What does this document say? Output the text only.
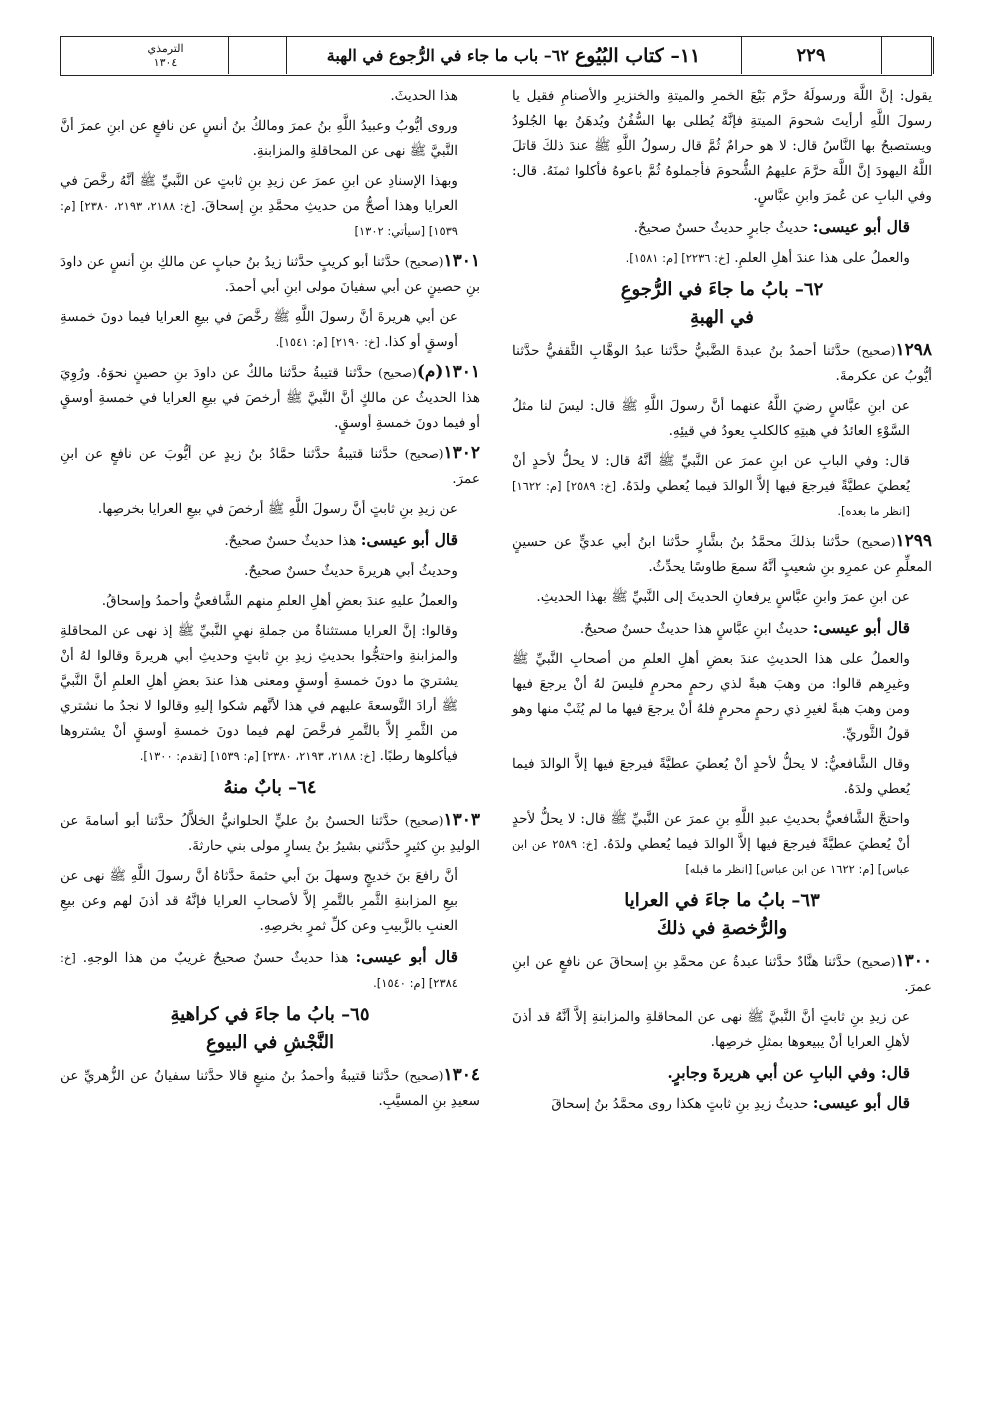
الترمذي
١٣٠٤	١١– كتاب البُيُوع
٦٢– باب ما جاء في الرُّجوع في الهبة	٢٢٩

يقول: إنَّ اللَّهَ ورسولَهُ حرَّم بَيْعَ الخمرِ والميتةِ والخنزيرِ والأصنامِ فقيل يا رسولَ اللَّهِ أرأيتَ شحومَ الميتةِ فإنَّهُ يُطلى بها السُّفُنُ ويُدهَنُ بها الجُلودُ ويستصبحُ بها النَّاسُ قال: لا هو حرامٌ ثُمَّ قال رسولُ اللَّهِ ﷺ عندَ ذلكَ قاتلَ اللَّهُ اليهودَ إنَّ اللَّهَ حرَّمَ عليهمُ الشُّحومَ فأجملوهُ ثُمَّ باعوهُ فأكلوا ثمنَهُ. قال: وفي البابِ عن عُمرَ وابنِ عبَّاسٍ.

قال أبو عيسى: حديثُ جابرٍ حديثٌ حسنٌ صحيحٌ.

والعملُ على هذا عندَ أهلِ العلمِ. [خ: ٢٢٣٦] [م: ١٥٨١].

٦٢– بابُ ما جاءَ في الرُّجوعِ
في الهبةِ

١٢٩٨(صحيح) حدَّثنا أحمدُ بنُ عبدةَ الضَّبيُّ حدَّثنا عبدُ الوهَّابِ الثَّقفيُّ حدَّثنا أيُّوبُ عن عكرمةَ.

عن ابنِ عبَّاسٍ رضيَ اللَّهُ عنهما أنَّ رسولَ اللَّهِ ﷺ قال: ليسَ لنا مثلُ السَّوْءِ العائدُ في هبتِهِ كالكلبِ يعودُ في قيئِهِ.

قال: وفي البابِ عن ابنِ عمرَ عن النَّبيِّ ﷺ أنَّهُ قال: لا يحلُّ لأحدٍ أنْ يُعطيَ عطيَّةً فيرجعَ فيها إلاَّ الوالدَ فيما يُعطي ولدَهُ. [خ: ٢٥٨٩] [م: ١٦٢٢] [انظر ما بعده].

١٢٩٩(صحيح) حدَّثنا بذلكَ محمَّدُ بنُ بشَّارٍ حدَّثنا ابنُ أبي عديٍّ عن حسينٍ المعلِّمِ عن عمرِو بنِ شعيبٍ أنَّهُ سمعَ طاوسًا يحدِّثُ.

عن ابنِ عمرَ وابنِ عبَّاسٍ يرفعانِ الحديثَ إلى النَّبيِّ ﷺ بهذا الحديثِ.

قال أبو عيسى: حديثُ ابنِ عبَّاسٍ هذا حديثٌ حسنٌ صحيحٌ.

والعملُ على هذا الحديثِ عندَ بعضِ أهلِ العلمِ من أصحابِ النَّبيِّ ﷺ وغيرِهم قالوا: من وهبَ هبةً لذي رحمٍ محرمٍ فليسَ لهُ أنْ يرجعَ فيها ومن وهبَ هبةً لغيرِ ذي رحمٍ محرمٍ فلهُ أنْ يرجعَ فيها ما لم يُثَبْ منها وهو قولُ الثَّوريِّ.

وقال الشَّافعيُّ: لا يحلُّ لأحدٍ أنْ يُعطيَ عطيَّةً فيرجعَ فيها إلاَّ الوالدَ فيما يُعطي ولدَهُ.

واحتجَّ الشَّافعيُّ بحديثِ عبدِ اللَّهِ بنِ عمرَ عن النَّبيِّ ﷺ قال: لا يحلُّ لأحدٍ أنْ يُعطيَ عطيَّةً فيرجعَ فيها إلاَّ الوالدَ فيما يُعطي ولدَهُ. [خ: ٢٥٨٩ عن ابن عباس] [م: ١٦٢٢ عن ابن عباس] [انظر ما قبله]

٦٣– بابُ ما جاءَ في العرايا
والرُّخصةِ في ذلكَ

١٣٠٠(صحيح) حدَّثنا هنَّادٌ حدَّثنا عبدةُ عن محمَّدِ بنِ إسحاقَ عن نافعٍ عن ابنِ عمرَ.

عن زيدِ بنِ ثابتٍ أنَّ النَّبيَّ ﷺ نهى عن المحاقلةِ والمزابنةِ إلاَّ أنَّهُ قد أذنَ لأهلِ العرايا أنْ يبيعوها بمثلِ خرصِها.

قال: وفي البابِ عن أبي هريرةَ وجابرٍ.

قال أبو عيسى: حديثُ زيدِ بنِ ثابتٍ هكذا روى محمَّدُ بنُ إسحاقَ

هذا الحديثَ.

وروى أيُّوبُ وعبيدُ اللَّهِ بنُ عمرَ ومالكُ بنُ أنسٍ عن نافعٍ عن ابنِ عمرَ أنَّ النَّبيَّ ﷺ نهى عن المحاقلةِ والمزابنةِ.

وبهذا الإسنادِ عن ابنِ عمرَ عن زيدِ بنِ ثابتٍ عن النَّبيِّ ﷺ أنَّهُ رخَّصَ في العرايا وهذا أصحُّ من حديثِ محمَّدِ بنِ إسحاقَ. [خ: ٢١٨٨، ٢١٩٣، ٢٣٨٠] [م: ١٥٣٩] [سيأتي: ١٣٠٢]

١٣٠١(صحيح) حدَّثنا أبو كريبٍ حدَّثنا زيدُ بنُ حبابٍ عن مالكِ بنِ أنسٍ عن داودَ بنِ حصينٍ عن أبي سفيانَ مولى ابنِ أبي أحمدَ.

عن أبي هريرةَ أنَّ رسولَ اللَّهِ ﷺ رخَّصَ في بيعِ العرايا فيما دونَ خمسةِ أوسقٍ أو كذا. [خ: ٢١٩٠] [م: ١٥٤١].

١٣٠١(م)(صحيح) حدَّثنا قتيبةُ حدَّثنا مالكٌ عن داودَ بنِ حصينٍ نحوَهُ. ورُوِيَ هذا الحديثُ عن مالكٍ أنَّ النَّبيَّ ﷺ أرخصَ في بيعِ العرايا في خمسةِ أوسقٍ أو فيما دونَ خمسةِ أوسقٍ.

١٣٠٢(صحيح) حدَّثنا قتيبةُ حدَّثنا حمَّادُ بنُ زيدٍ عن أيُّوبَ عن نافعٍ عن ابنِ عمرَ.

عن زيدِ بنِ ثابتٍ أنَّ رسولَ اللَّهِ ﷺ أرخصَ في بيعِ العرايا بخرصِها.

قال أبو عيسى: هذا حديثٌ حسنٌ صحيحٌ.

وحديثُ أبي هريرةَ حديثٌ حسنٌ صحيحٌ.

والعملُ عليهِ عندَ بعضِ أهلِ العلمِ منهم الشَّافعيُّ وأحمدُ وإسحاقُ.

وقالوا: إنَّ العرايا مستثناةٌ من جملةِ نهيِ النَّبيِّ ﷺ إذ نهى عن المحاقلةِ والمزابنةِ واحتجُّوا بحديثِ زيدِ بنِ ثابتٍ وحديثِ أبي هريرةَ وقالوا لهُ أنْ يشتريَ ما دونَ خمسةِ أوسقٍ ومعنى هذا عندَ بعضِ أهلِ العلمِ أنَّ النَّبيَّ ﷺ أرادَ التَّوسعةَ عليهم في هذا لأنَّهم شكوا إليهِ وقالوا لا نجدُ ما نشتري من الثَّمرِ إلاَّ بالتَّمرِ فرخَّصَ لهم فيما دونَ خمسةِ أوسقٍ أنْ يشتروها فيأكلوها رطبًا. [خ: ٢١٨٨، ٢١٩٣، ٢٣٨٠] [م: ١٥٣٩] [تقدم: ١٣٠٠].

٦٤– بابٌ منهُ

١٣٠٣(صحيح) حدَّثنا الحسنُ بنُ عليٍّ الحلوانيُّ الخلاَّلُ حدَّثنا أبو أسامةَ عن الوليدِ بنِ كثيرٍ حدَّثني بشيرُ بنُ يسارٍ مولى بني حارثةَ.

أنَّ رافعَ بنَ خديجٍ وسهلَ بنَ أبي حثمةَ حدَّثاهُ أنَّ رسولَ اللَّهِ ﷺ نهى عن بيعِ المزابنةِ الثَّمرِ بالتَّمرِ إلاَّ لأصحابِ العرايا فإنَّهُ قد أذنَ لهم وعن بيعِ العنبِ بالزَّبيبِ وعن كلِّ ثمرٍ بخرصِهِ.

قال أبو عيسى: هذا حديثٌ حسنٌ صحيحٌ غريبٌ من هذا الوجهِ. [خ: ٢٣٨٤] [م: ١٥٤٠].

٦٥– بابُ ما جاءَ في كراهيةِ
النَّجْشِ في البيوعِ

١٣٠٤(صحيح) حدَّثنا قتيبةُ وأحمدُ بنُ منيعٍ قالا حدَّثنا سفيانُ عن الزُّهريِّ عن سعيدِ بنِ المسيَّبِ.
